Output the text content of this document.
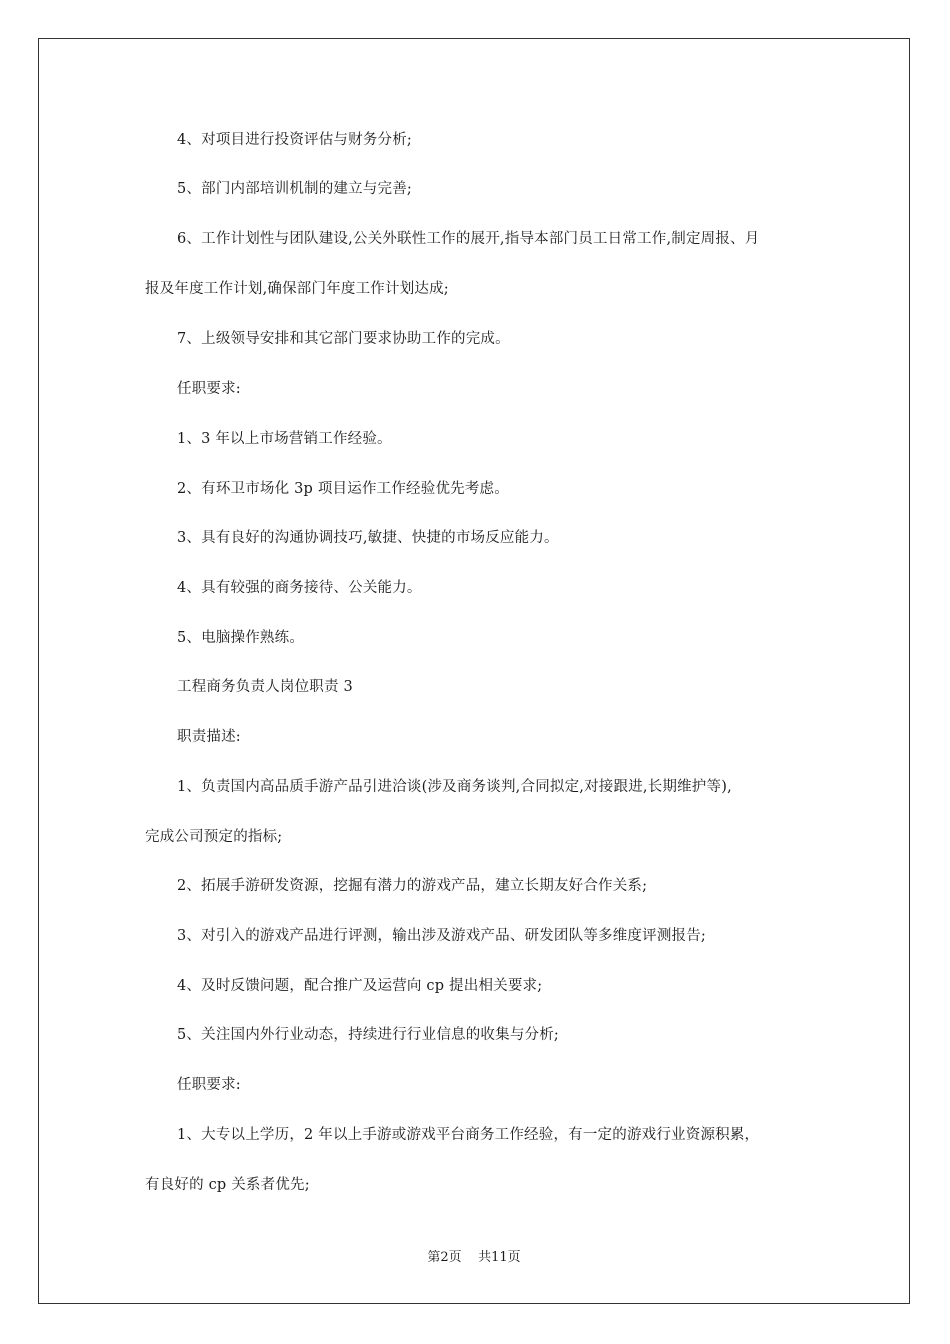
4、对项目进行投资评估与财务分析;
5、部门内部培训机制的建立与完善;
6、工作计划性与团队建设,公关外联性工作的展开,指导本部门员工日常工作,制定周报、月
报及年度工作计划,确保部门年度工作计划达成;
7、上级领导安排和其它部门要求协助工作的完成。
任职要求:
1、3 年以上市场营销工作经验。
2、有环卫市场化 3p 项目运作工作经验优先考虑。
3、具有良好的沟通协调技巧,敏捷、快捷的市场反应能力。
4、具有较强的商务接待、公关能力。
5、电脑操作熟练。
工程商务负责人岗位职责 3
职责描述:
1、负责国内高品质手游产品引进洽谈(涉及商务谈判,合同拟定,对接跟进,长期维护等),
完成公司预定的指标;
2、拓展手游研发资源，挖掘有潜力的游戏产品，建立长期友好合作关系;
3、对引入的游戏产品进行评测，输出涉及游戏产品、研发团队等多维度评测报告;
4、及时反馈问题，配合推广及运营向 cp 提出相关要求;
5、关注国内外行业动态，持续进行行业信息的收集与分析;
任职要求:
1、大专以上学历，2 年以上手游或游戏平台商务工作经验，有一定的游戏行业资源积累，
有良好的 cp 关系者优先;
第2页    共11页
